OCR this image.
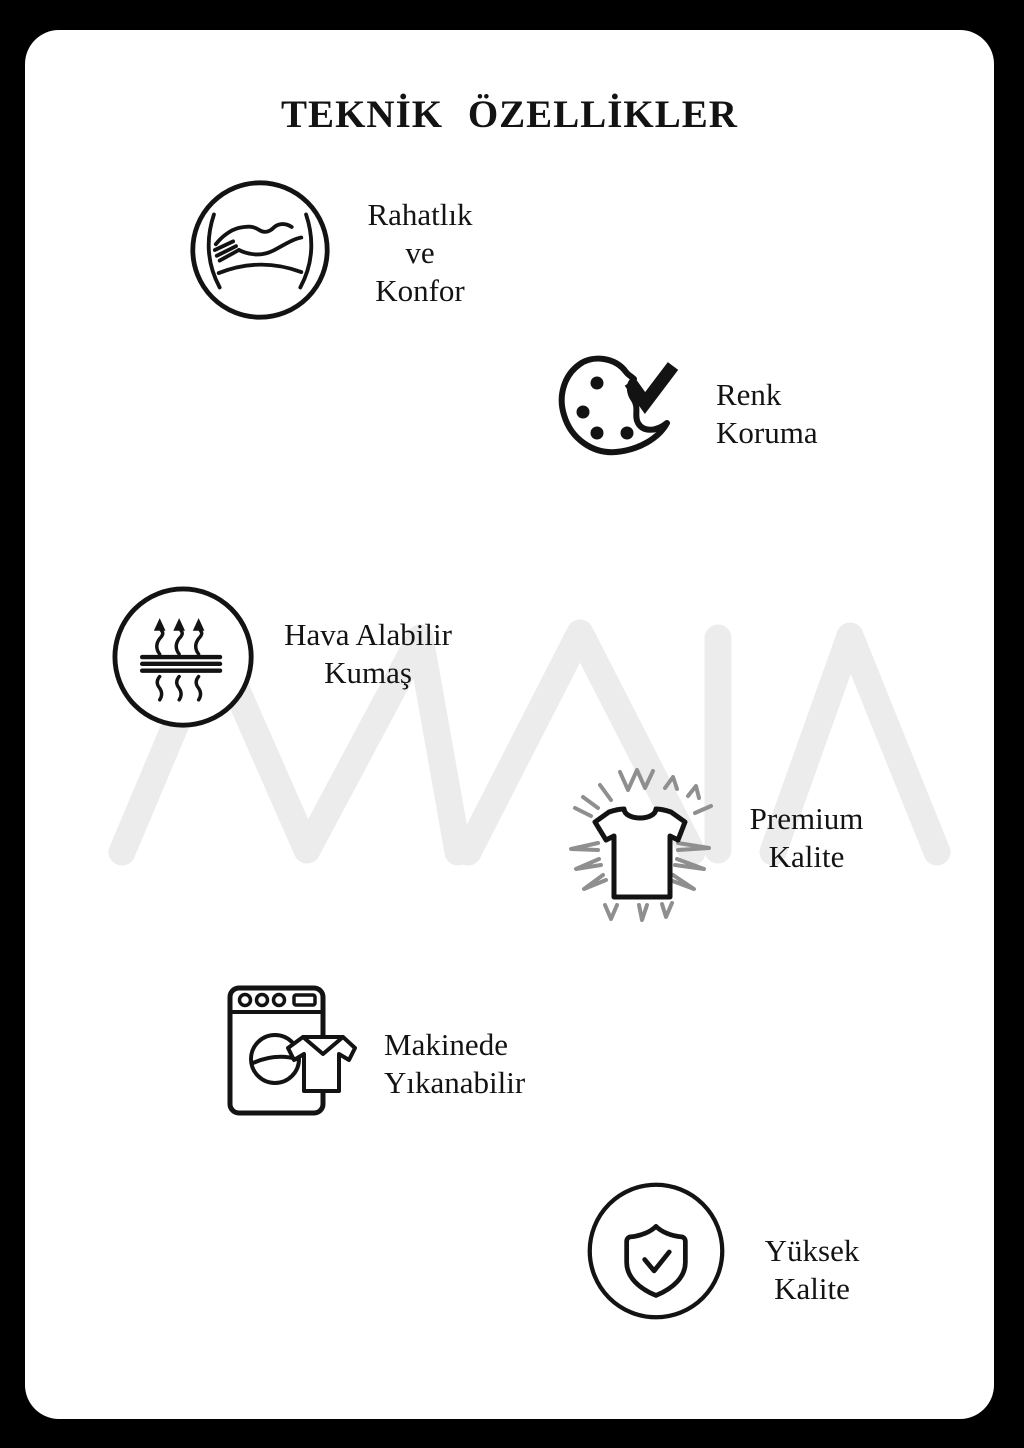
TEKNİK ÖZELLİKLER
Rahatlık
ve
Konfor
Renk
Koruma
Hava Alabilir
Kumaş
Premium
Kalite
Makinede
Yıkanabilir
Yüksek
Kalite
